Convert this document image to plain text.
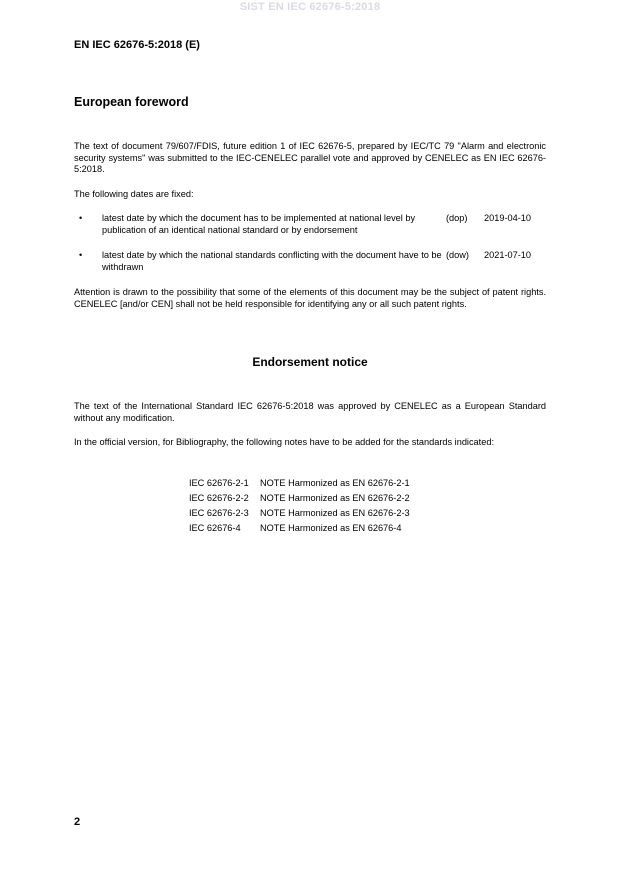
SIST EN IEC 62676-5:2018
EN IEC 62676-5:2018 (E)
European foreword
The text of document 79/607/FDIS, future edition 1 of IEC 62676-5, prepared by IEC/TC 79 "Alarm and electronic security systems" was submitted to the IEC-CENELEC parallel vote and approved by CENELEC as EN IEC 62676-5:2018.
The following dates are fixed:
• latest date by which the document has to be implemented at national level by publication of an identical national standard or by endorsement
(dop) 2019-04-10
• latest date by which the national standards conflicting with the document have to be withdrawn
(dow) 2021-07-10
Attention is drawn to the possibility that some of the elements of this document may be the subject of patent rights. CENELEC [and/or CEN] shall not be held responsible for identifying any or all such patent rights.
Endorsement notice
The text of the International Standard IEC 62676-5:2018 was approved by CENELEC as a European Standard without any modification.
In the official version, for Bibliography, the following notes have to be added for the standards indicated:
IEC 62676-2-1 NOTE Harmonized as EN 62676-2-1
IEC 62676-2-2 NOTE Harmonized as EN 62676-2-2
IEC 62676-2-3 NOTE Harmonized as EN 62676-2-3
IEC 62676-4 NOTE Harmonized as EN 62676-4
2
